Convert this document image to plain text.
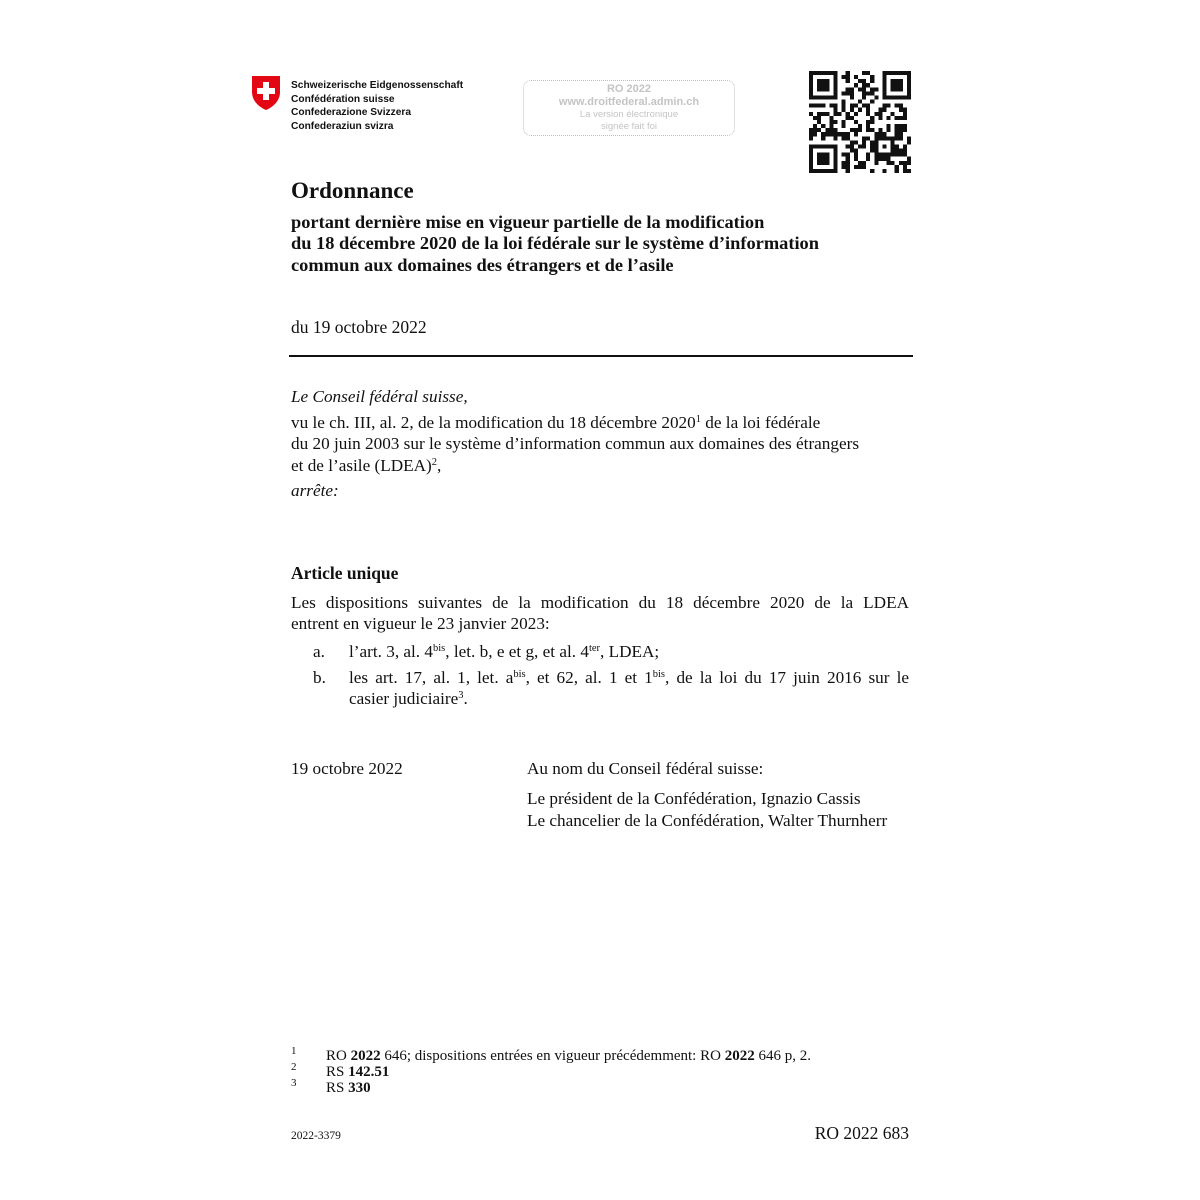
Schweizerische Eidgenossenschaft
Confédération suisse
Confederazione Svizzera
Confederaziun svizra
RO 2022
www.droitfederal.admin.ch
La version électronique
signée fait foi
Ordonnance
portant dernière mise en vigueur partielle de la modification
du 18 décembre 2020 de la loi fédérale sur le système d’information
commun aux domaines des étrangers et de l’asile
du 19 octobre 2022
Le Conseil fédéral suisse,
vu le ch. III, al. 2, de la modification du 18 décembre 2020$^1$ de la loi fédérale
du 20 juin 2003 sur le système d’information commun aux domaines des étrangers
et de l’asile (LDEA)$^2$,
arrête:
Article unique
Les dispositions suivantes de la modification du 18 décembre 2020 de la LDEA
entrent en vigueur le 23 janvier 2023:
a. l’art. 3, al. $4^{bis}$, let. b, e et g, et al. $4^{ter}$, LDEA;
b. les art. 17, al. 1, let. $a^{bis}$, et 62, al. 1 et $1^{bis}$, de la loi du 17 juin 2016 sur le
casier judiciaire$^3$.
19 octobre 2022	Au nom du Conseil fédéral suisse:
Le président de la Confédération, Ignazio Cassis
Le chancelier de la Confédération, Walter Thurnherr
1 RO 2022 646; dispositions entrées en vigueur précédemment: RO 2022 646 p, 2.
2 RS 142.51
3 RS 330
2022-3379	RO 2022 683
